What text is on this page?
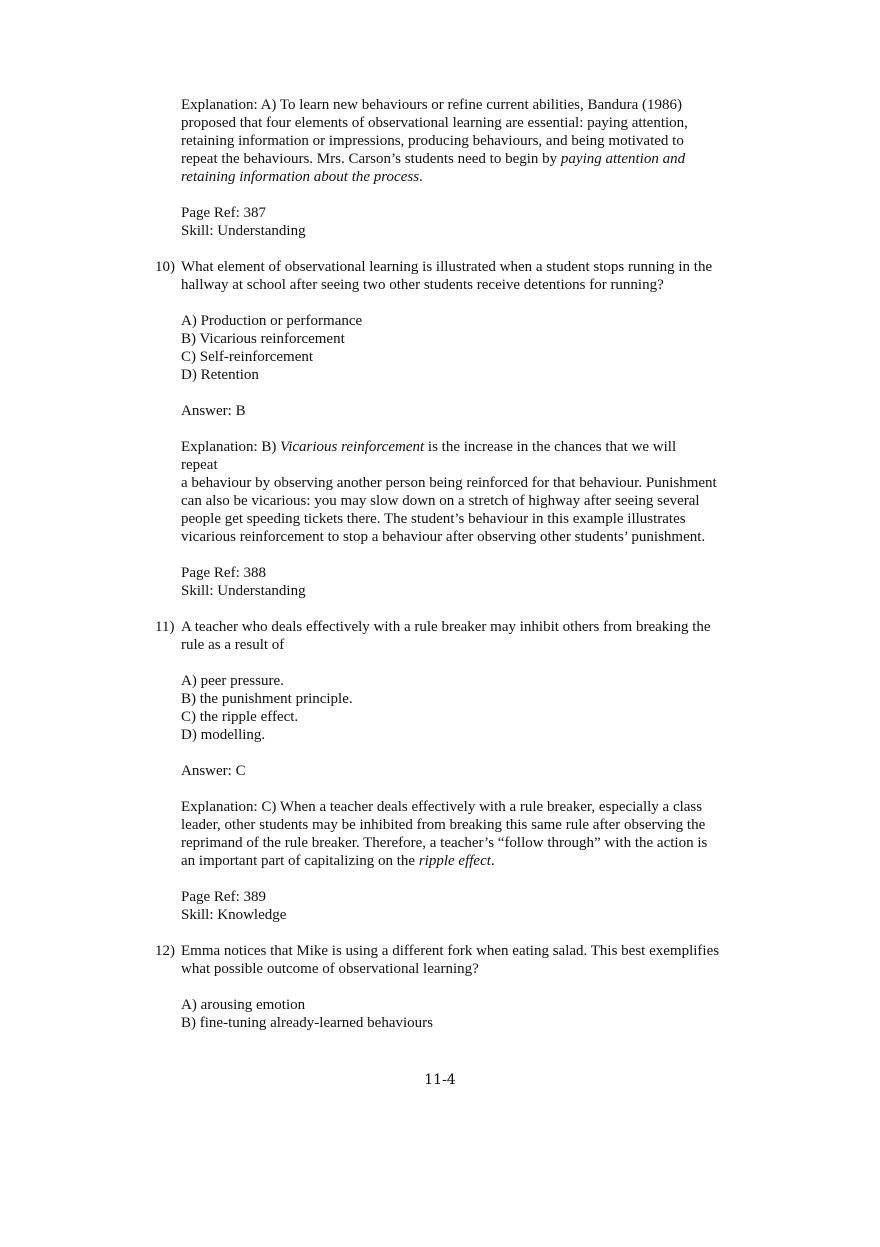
Explanation: A) To learn new behaviours or refine current abilities, Bandura (1986)
proposed that four elements of observational learning are essential: paying attention,
retaining information or impressions, producing behaviours, and being motivated to
repeat the behaviours. Mrs. Carson’s students need to begin by paying attention and
retaining information about the process.
Page Ref: 387
Skill: Understanding
10) What element of observational learning is illustrated when a student stops running in the
hallway at school after seeing two other students receive detentions for running?
A) Production or performance
B) Vicarious reinforcement
C) Self-reinforcement
D) Retention
Answer: B
Explanation: B) Vicarious reinforcement is the increase in the chances that we will
repeat
a behaviour by observing another person being reinforced for that behaviour. Punishment
can also be vicarious: you may slow down on a stretch of highway after seeing several
people get speeding tickets there. The student’s behaviour in this example illustrates
vicarious reinforcement to stop a behaviour after observing other students’ punishment.
Page Ref: 388
Skill: Understanding
11) A teacher who deals effectively with a rule breaker may inhibit others from breaking the
rule as a result of
A) peer pressure.
B) the punishment principle.
C) the ripple effect.
D) modelling.
Answer: C
Explanation: C) When a teacher deals effectively with a rule breaker, especially a class
leader, other students may be inhibited from breaking this same rule after observing the
reprimand of the rule breaker. Therefore, a teacher’s “follow through” with the action is
an important part of capitalizing on the ripple effect.
Page Ref: 389
Skill: Knowledge
12) Emma notices that Mike is using a different fork when eating salad. This best exemplifies
what possible outcome of observational learning?
A) arousing emotion
B) fine-tuning already-learned behaviours
11-4
